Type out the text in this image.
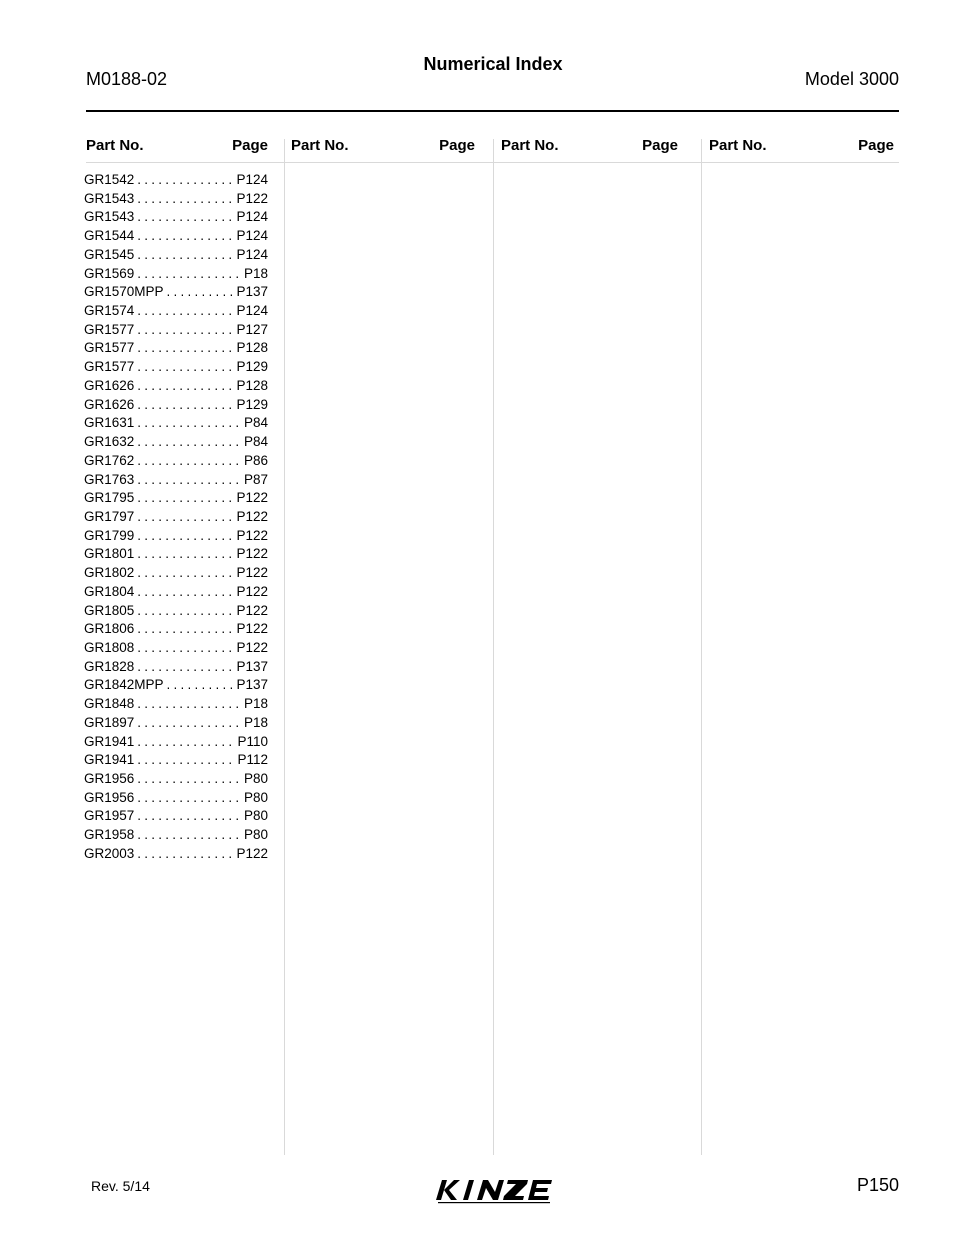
M0188-02
Numerical Index
Model 3000
Part No.	Page Part No.	Page Part No.	Page Part No.	Page
GR1542 . . .	P124
GR1543 . . .	P122
GR1543 . . .	P124
GR1544 . . .	P124
GR1545 . . .	P124
GR1569 . . .	P18
GR1570MPP . . .	P137
GR1574 . . .	P124
GR1577 . . .	P127
GR1577 . . .	P128
GR1577 . . .	P129
GR1626 . . .	P128
GR1626 . . .	P129
GR1631 . . .	P84
GR1632 . . .	P84
GR1762 . . .	P86
GR1763 . . .	P87
GR1795 . . .	P122
GR1797 . . .	P122
GR1799 . . .	P122
GR1801 . . .	P122
GR1802 . . .	P122
GR1804 . . .	P122
GR1805 . . .	P122
GR1806 . . .	P122
GR1808 . . .	P122
GR1828 . . .	P137
GR1842MPP . . .	P137
GR1848 . . .	P18
GR1897 . . .	P18
GR1941 . . .	P110
GR1941 . . .	P112
GR1956 . . .	P80
GR1956 . . .	P80
GR1957 . . .	P80
GR1958 . . .	P80
GR2003 . . .	P122
Rev. 5/14	P150
